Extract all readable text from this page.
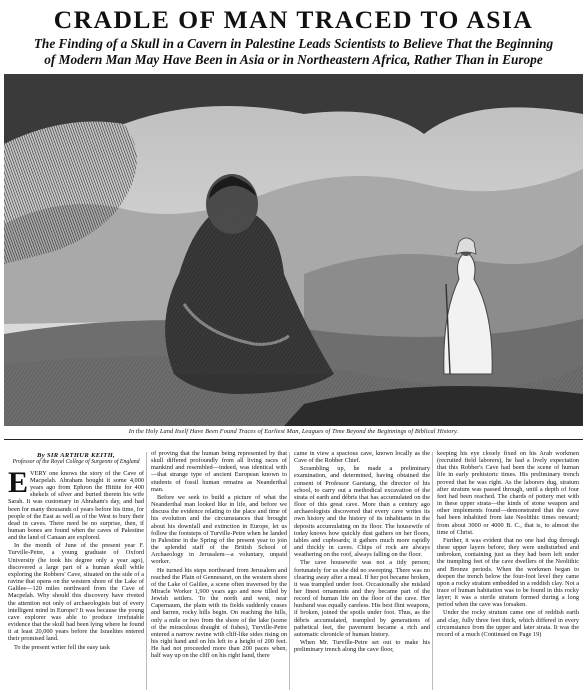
CRADLE OF MAN TRACED TO ASIA
The Finding of a Skull in a Cavern in Palestine Leads Scientists to Believe That the Beginning
of Modern Man May Have Been in Asia or in Northeastern Africa, Rather Than in Europe
In the Holy Land Itself Have Been Found Traces of Earliest Man, Leagues of Time Beyond the Beginnings of Biblical History.
By SIR ARTHUR KEITH,
Professor of the Royal College of Surgeons of England

EVERY one knows the story of the Cave of Macpelah. Abraham bought it some 4,000 years ago from Ephron the Hittite for 400 shekels of silver and buried therein his wife Sarah. It was customary in Abraham's day, and had been for many thousands of years before his time, for people of the East as well as of the West to bury their dead in caves. There need be no surprise, then, if human bones are found when the caves of Palestine and the land of Canaan are explored.

In the month of June of the present year F. Turville-Petre, a young graduate of Oxford University (he took his degree only a year ago), discovered a large part of a human skull while exploring the Robbers' Cave, situated on the side of a ravine that opens on the western shore of the Lake of Galilee—120 miles northward from the Cave of Macpelah. Why should this discovery have riveted the attention not only of archaeologists but of every intelligent mind in Europe? It was because the young cave explorer was able to produce irrefutable evidence that the skull had been lying where he found it at least 20,000 years before the Israelites entered their promised land.

To the present writer fell the easy task

of proving that the human being represented by that skull differed profoundly from all living races of mankind and resembled—indeed, was identical with—that strange type of ancient European known to students of fossil human remains as Neanderthal man.

Before we seek to build a picture of what the Neanderthal man looked like in life, and before we discuss the evidence relating to the place and time of his evolution and the circumstances that brought about his downfall and extinction in Europe, let us follow the footsteps of Turville-Petre when he landed in Palestine in the Spring of the present year to join the splendid staff of the British School of Archaeology in Jerusalem—a voluntary, unpaid worker.

He turned his steps northward from Jerusalem and reached the Plain of Gennesaret, on the western shore of the Lake of Galilee, a scene often traversed by the Miracle Worker 1,900 years ago and now tilled by Jewish settlers. To the north and west, near Capernaum, the plain with its fields suddenly ceases and barren, rocky hills begin. On reaching the hills, only a mile or two from the shore of the lake (scene of the miraculous draught of fishes), Turville-Petre entered a narrow ravine with cliff-like sides rising on his right hand and on his left to a height of 200 feet. He had not proceeded more than 200 paces when, half way up on the cliff on his right hand, there

came in view a spacious cave, known locally as the Cave of the Robber Chief.

Scrambling up, he made a preliminary examination, and determined, having obtained the consent of Professor Garstang, the director of his school, to carry out a methodical excavation of the strata of earth and débris that has accumulated on the floor of this great cave. More than a century ago archaeologists discovered that every cave writes its own history and the history of its inhabitants in the deposits accumulating on its floor. The housewife of today knows how quickly dust gathers on her floors, tables and cupboards; it gathers much more rapidly and thickly in caves. Chips of rock are always weathering on the roof, always falling on the floor.

The cave housewife was not a tidy person; fortunately for us she did no sweeping. There was no clearing away after a meal. If her pot became broken, it was trampled under foot. Occasionally she mislaid her finest ornaments and they became part of the record of human life on the floor of the cave. Her husband was equally careless. His best flint weapons, if broken, joined the spoils under foot. Thus, as the débris accumulated, trampled by generations of pathetical feet, the pavement became a rich and automatic chronicle of human history.

When Mr. Turville-Petre set out to make his preliminary trench along the cave floor,

keeping his eye closely fixed on his Arab workmen (recruited field laborers), he had a lively expectation that this Robber's Cave had been the scene of human life in early prehistoric times. His preliminary trench proved that he was right. As the laborers dug, stratum after stratum was passed through, until a depth of four feet had been reached. The chards of pottery met with in these upper strata—the kinds of stone weapon and other implements found—demonstrated that the cave had been inhabited from late Neolithic times onward; from about 3000 or 4000 B. C., that is, to almost the time of Christ.

Further, it was evident that no one had dug through these upper layers before; they were undisturbed and unbroken, containing just as they had been left under the trampling feet of the cave dwellers of the Neolithic and Bronze periods. When the workmen began to deepen the trench below the four-foot level they came upon a rocky stratum embedded in a reddish clay. Not a trace of human habitation was to be found in this rocky layer; it was a sterile stratum formed during a long period when the cave was forsaken.

Under the rocky stratum came one of reddish earth and clay, fully three feet thick, which differed in every circumstance from the upper and later strata. It was the record of a much (Continued on Page 19)
